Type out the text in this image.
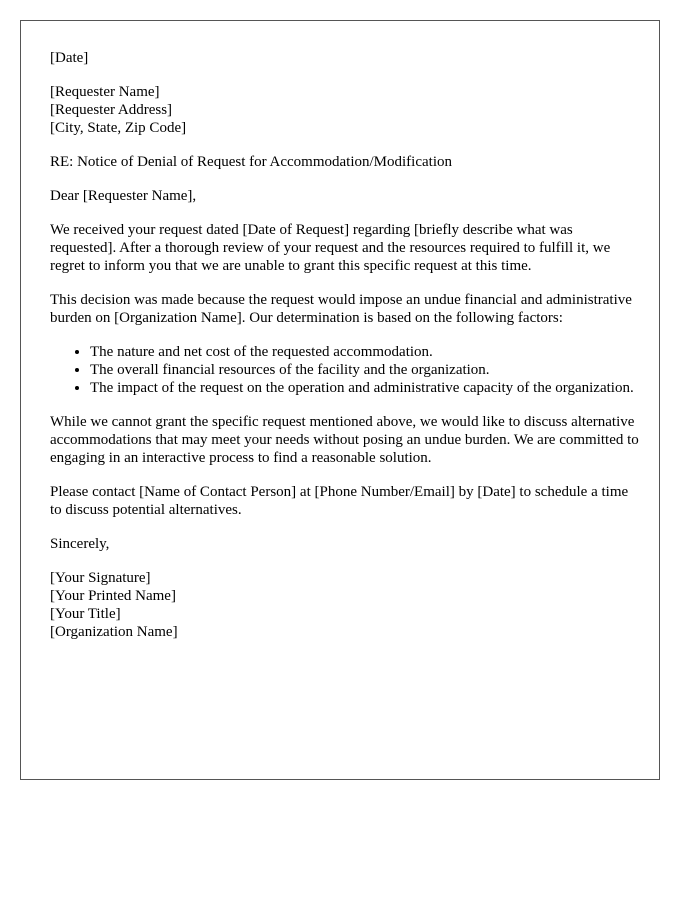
[Date]

[Requester Name]
[Requester Address]
[City, State, Zip Code]

RE: Notice of Denial of Request for Accommodation/Modification

Dear [Requester Name],

We received your request dated [Date of Request] regarding [briefly describe what was requested]. After a thorough review of your request and the resources required to fulfill it, we regret to inform you that we are unable to grant this specific request at this time.

This decision was made because the request would impose an undue financial and administrative burden on [Organization Name]. Our determination is based on the following factors:

• The nature and net cost of the requested accommodation.
• The overall financial resources of the facility and the organization.
• The impact of the request on the operation and administrative capacity of the organization.

While we cannot grant the specific request mentioned above, we would like to discuss alternative accommodations that may meet your needs without posing an undue burden. We are committed to engaging in an interactive process to find a reasonable solution.

Please contact [Name of Contact Person] at [Phone Number/Email] by [Date] to schedule a time to discuss potential alternatives.

Sincerely,

[Your Signature]
[Your Printed Name]
[Your Title]
[Organization Name]
